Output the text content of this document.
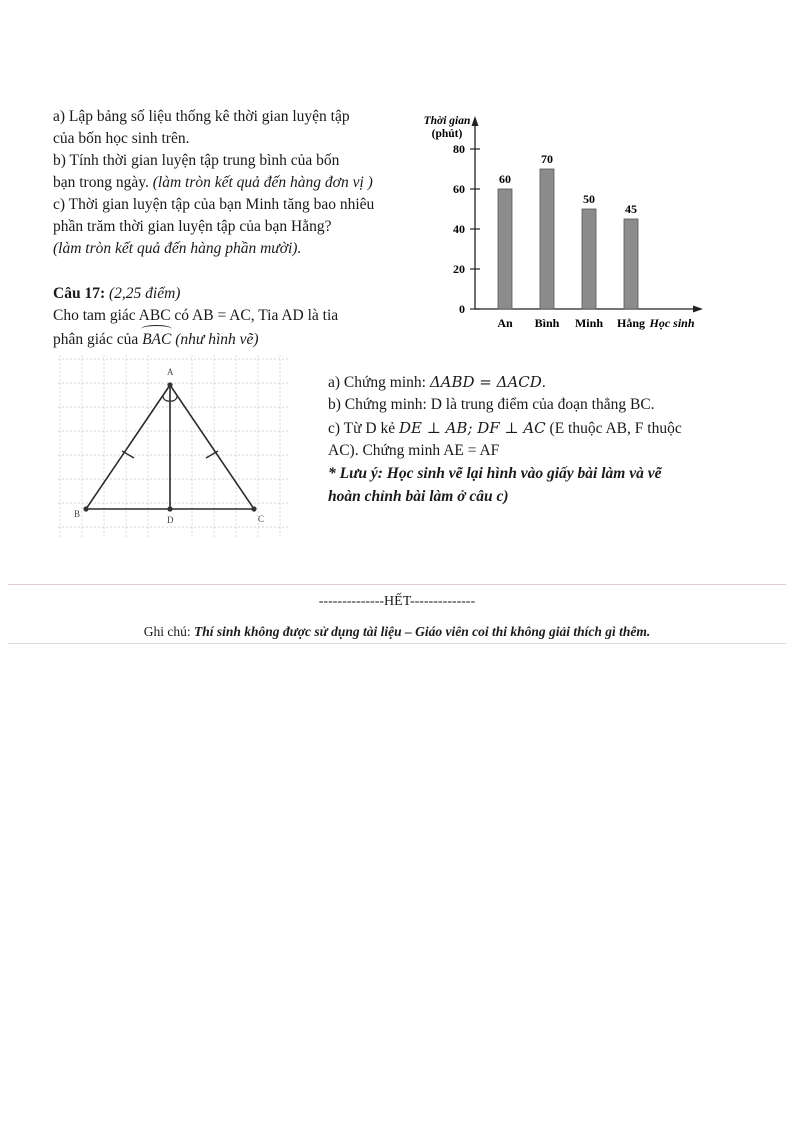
a) Lập bảng số liệu thống kê thời gian luyện tập
của bốn học sinh trên.
b) Tính thời gian luyện tập trung bình của bốn
bạn trong ngày. (làm tròn kết quả đến hàng đơn vị )
c) Thời gian luyện tập của bạn Minh tăng bao nhiêu
phần trăm thời gian luyện tập của bạn Hằng?
(làm tròn kết quả đến hàng phần mười).
Thời gian
(phút)
0
20
40
60
80
60
An
70
Bình
50
Minh
45
Hằng Học sinh
Câu 17: (2,25 điểm)
Cho tam giác ABC có AB = AC, Tia AD là tia
phân giác của BAC (như hình vẽ)
A
B	C
D
a) Chứng minh: ΔABD = ΔACD.
b) Chứng minh: D là trung điểm của đoạn thẳng BC.
c) Từ D kẻ DE ⊥ AB; DF ⊥ AC (E thuộc AB, F thuộc
AC). Chứng minh AE = AF
* Lưu ý: Học sinh vẽ lại hình vào giấy bài làm và vẽ
hoàn chỉnh bài làm ở câu c)
--------------HẾT--------------
Ghi chú: Thí sinh không được sử dụng tài liệu – Giáo viên coi thi không giải thích gì thêm.
